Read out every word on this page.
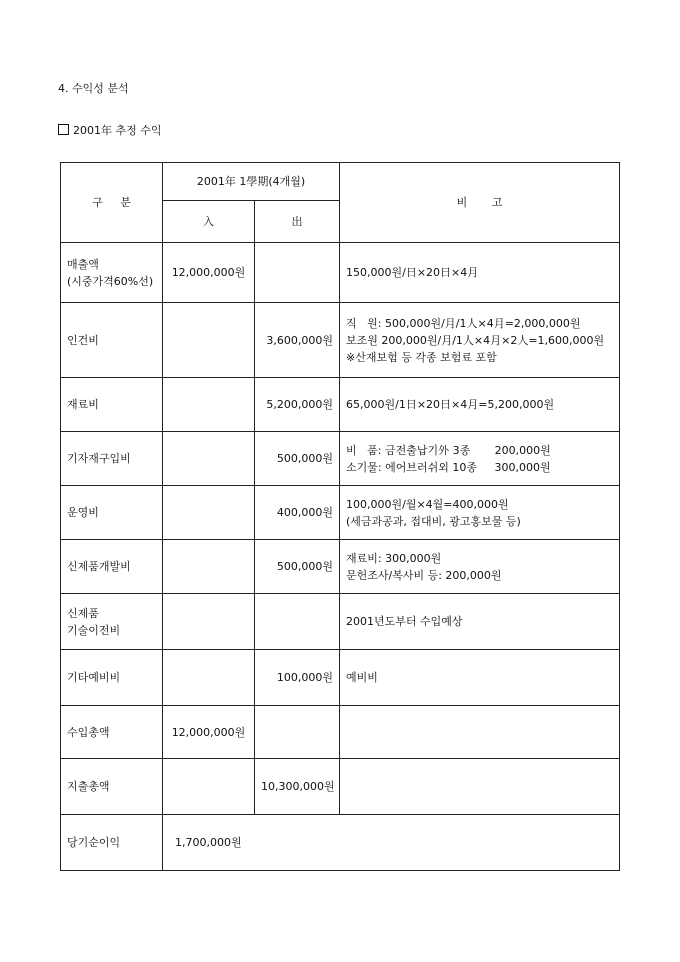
4. 수익성 분석
2001年 추정 수익
구     분	2001年 1學期(4개월)		비       고
	入	出	

매출액
(시중가격60%선)	12,000,000원		150,000원/日×20日×4月

인건비		3,600,000원	직   원: 500,000원/月/1人×4月=2,000,000원
보조원 200,000원/月/1人×4月×2人=1,600,000원
※산재보험 등 각종 보험료 포함

재료비		5,200,000원	65,000원/1日×20日×4月=5,200,000원

기자재구입비		500,000원	비   품: 금전출납기外 3종       200,000원
소기물: 에어브러쉬외 10종     300,000원

운영비		400,000원	100,000원/월×4월=400,000원
(세금과공과, 접대비, 광고홍보물 등)

신제품개발비		500,000원	재료비: 300,000원
문헌조사/복사비 등: 200,000원

신제품
기술이전비			2001년도부터 수입예상

기타예비비		100,000원	예비비

수입총액	12,000,000원		

지출총액		10,300,000원	

당기순이익	1,700,000원		
